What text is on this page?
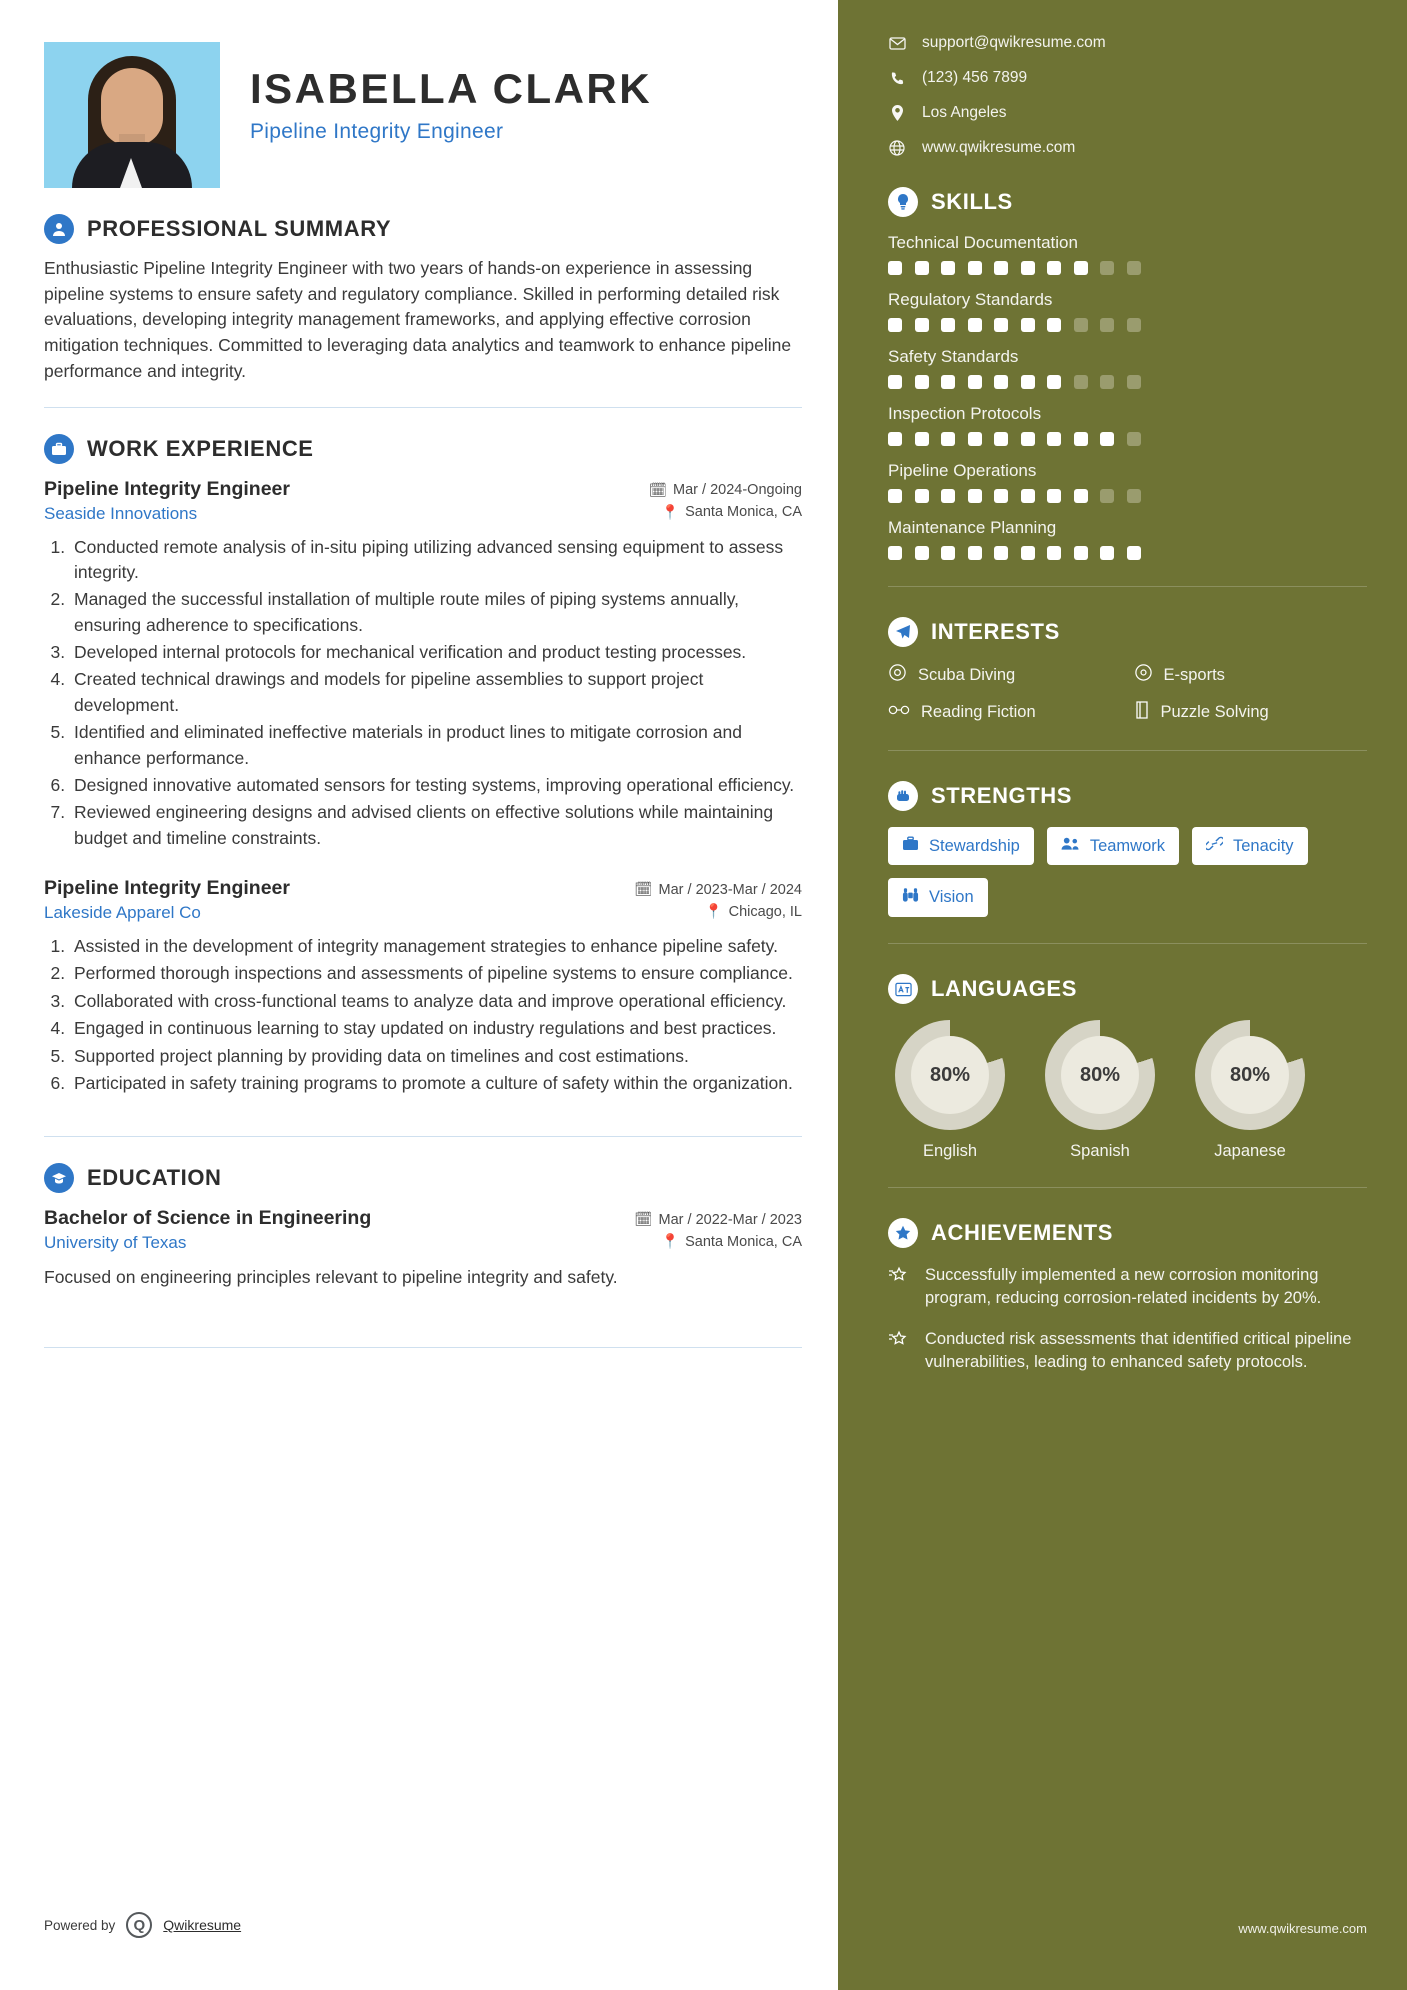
ISABELLA CLARK
Pipeline Integrity Engineer
PROFESSIONAL SUMMARY
Enthusiastic Pipeline Integrity Engineer with two years of hands-on experience in assessing pipeline systems to ensure safety and regulatory compliance. Skilled in performing detailed risk evaluations, developing integrity management frameworks, and applying effective corrosion mitigation techniques. Committed to leveraging data analytics and teamwork to enhance pipeline performance and integrity.
WORK EXPERIENCE
Pipeline Integrity Engineer
Seaside Innovations
🗓 Mar / 2024-Ongoing
📍 Santa Monica, CA
1. Conducted remote analysis of in-situ piping utilizing advanced sensing equipment to assess integrity.
2. Managed the successful installation of multiple route miles of piping systems annually, ensuring adherence to specifications.
3. Developed internal protocols for mechanical verification and product testing processes.
4. Created technical drawings and models for pipeline assemblies to support project development.
5. Identified and eliminated ineffective materials in product lines to mitigate corrosion and enhance performance.
6. Designed innovative automated sensors for testing systems, improving operational efficiency.
7. Reviewed engineering designs and advised clients on effective solutions while maintaining budget and timeline constraints.
Pipeline Integrity Engineer
Lakeside Apparel Co
🗓 Mar / 2023-Mar / 2024
📍 Chicago, IL
1. Assisted in the development of integrity management strategies to enhance pipeline safety.
2. Performed thorough inspections and assessments of pipeline systems to ensure compliance.
3. Collaborated with cross-functional teams to analyze data and improve operational efficiency.
4. Engaged in continuous learning to stay updated on industry regulations and best practices.
5. Supported project planning by providing data on timelines and cost estimations.
6. Participated in safety training programs to promote a culture of safety within the organization.
EDUCATION
Bachelor of Science in Engineering
University of Texas
🗓 Mar / 2022-Mar / 2023
📍 Santa Monica, CA
Focused on engineering principles relevant to pipeline integrity and safety.
Powered by	Q	Qwikresume
support@qwikresume.com
(123) 456 7899
Los Angeles
www.qwikresume.com
SKILLS
Technical Documentation
Regulatory Standards
Safety Standards
Inspection Protocols
Pipeline Operations
Maintenance Planning
INTERESTS
Scuba Diving	E-sports
Reading Fiction	Puzzle Solving
STRENGTHS
Stewardship	Teamwork	Tenacity
Vision
LANGUAGES
80%
English
80%
Spanish
80%
Japanese
ACHIEVEMENTS
Successfully implemented a new corrosion monitoring program, reducing corrosion-related incidents by 20%.
Conducted risk assessments that identified critical pipeline vulnerabilities, leading to enhanced safety protocols.
www.qwikresume.com
